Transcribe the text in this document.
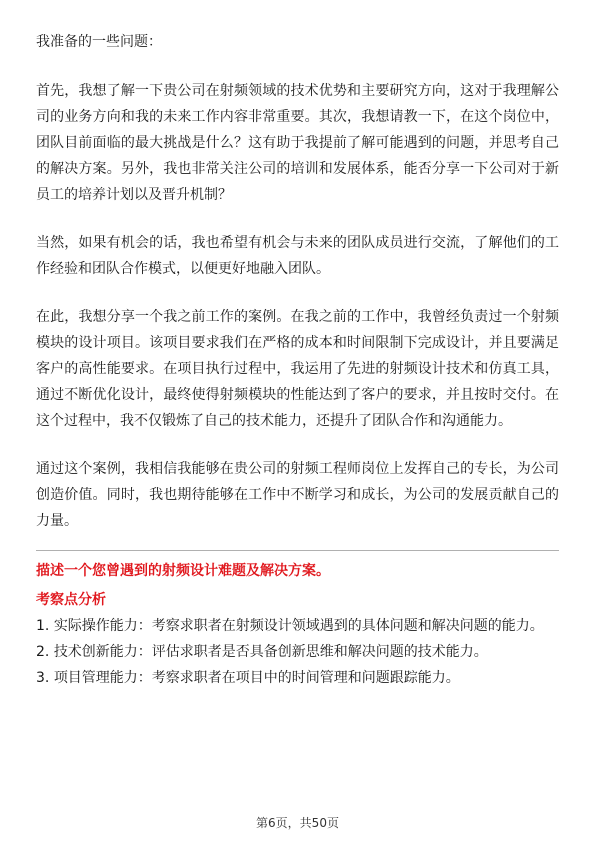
我准备的一些问题：

首先，我想了解一下贵公司在射频领域的技术优势和主要研究方向，这对于我理解公司的业务方向和我的未来工作内容非常重要。其次，我想请教一下，在这个岗位中，团队目前面临的最大挑战是什么？这有助于我提前了解可能遇到的问题，并思考自己的解决方案。另外，我也非常关注公司的培训和发展体系，能否分享一下公司对于新员工的培养计划以及晋升机制？

当然，如果有机会的话，我也希望有机会与未来的团队成员进行交流，了解他们的工作经验和团队合作模式，以便更好地融入团队。

在此，我想分享一个我之前工作的案例。在我之前的工作中，我曾经负责过一个射频模块的设计项目。该项目要求我们在严格的成本和时间限制下完成设计，并且要满足客户的高性能要求。在项目执行过程中，我运用了先进的射频设计技术和仿真工具，通过不断优化设计，最终使得射频模块的性能达到了客户的要求，并且按时交付。在这个过程中，我不仅锻炼了自己的技术能力，还提升了团队合作和沟通能力。

通过这个案例，我相信我能够在贵公司的射频工程师岗位上发挥自己的专长，为公司创造价值。同时，我也期待能够在工作中不断学习和成长，为公司的发展贡献自己的力量。

描述一个您曾遇到的射频设计难题及解决方案。

考察点分析

1. 实际操作能力：考察求职者在射频设计领域遇到的具体问题和解决问题的能力。
2. 技术创新能力：评估求职者是否具备创新思维和解决问题的技术能力。
3. 项目管理能力：考察求职者在项目中的时间管理和问题跟踪能力。
第6页，共50页
